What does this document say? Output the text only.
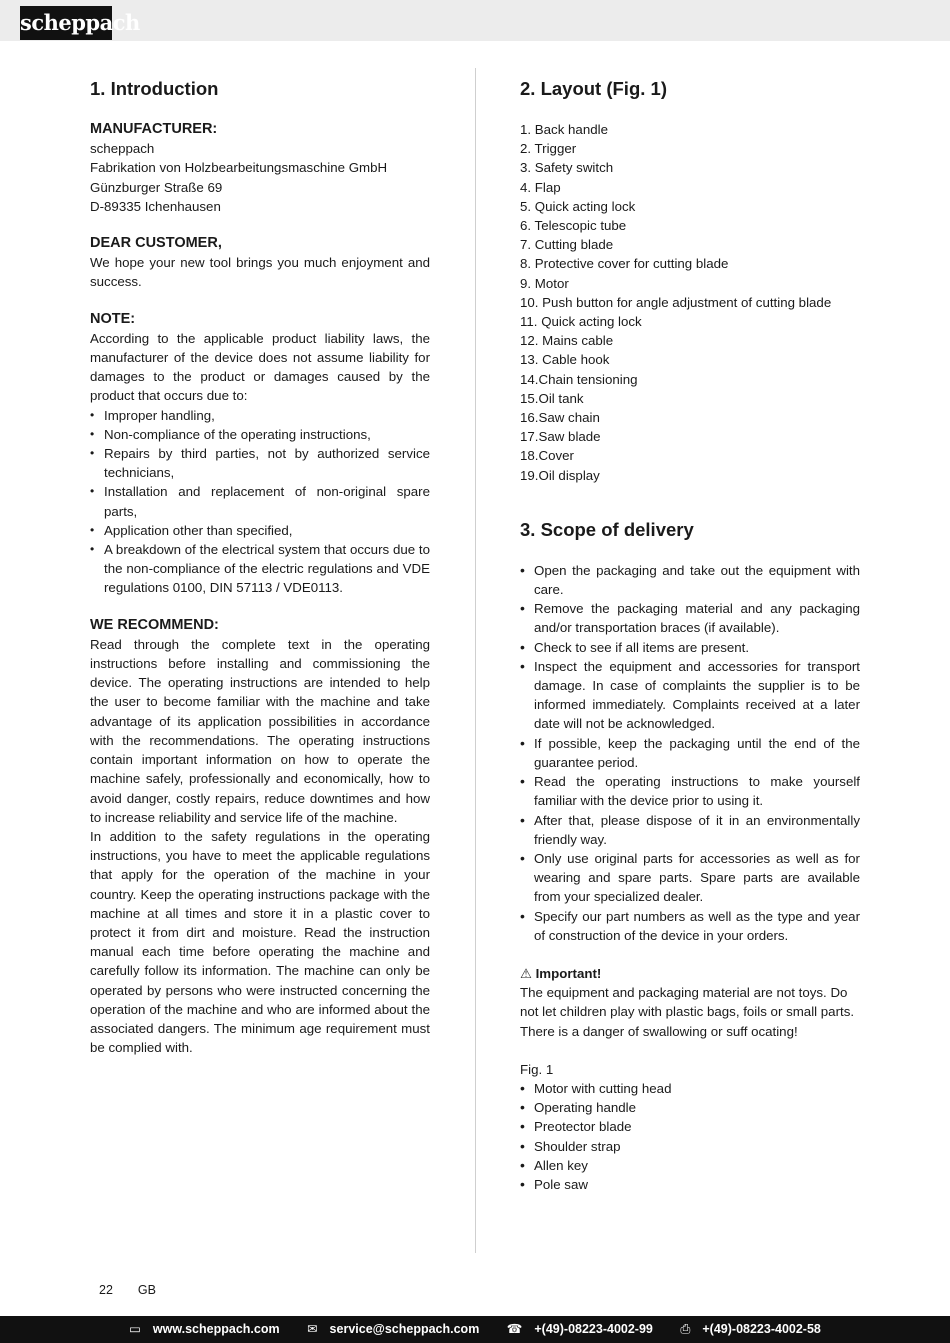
scheppach
1. Introduction
MANUFACTURER:

scheppach

Fabrikation von Holzbearbeitungsmaschine GmbH

Günzburger Straße 69

D-89335 Ichenhausen

DEAR CUSTOMER,

We hope your new tool brings you much enjoyment and success.

NOTE:

According to the applicable product liability laws, the manufacturer of the device does not assume liability for damages to the product or damages caused by the product that occurs due to:

• Improper handling,
• Non-compliance of the operating instructions,
• Repairs by third parties, not by authorized service technicians,
• Installation and replacement of non-original spare parts,
• Application other than specified,
• A breakdown of the electrical system that occurs due to the non-compliance of the electric regulations and VDE regulations 0100, DIN 57113 / VDE0113.
WE RECOMMEND:

Read through the complete text in the operating instructions before installing and commissioning the device. The operating instructions are intended to help the user to become familiar with the machine and take advantage of its application possibilities in accordance with the recommendations. The operating instructions contain important information on how to operate the machine safely, professionally and economically, how to avoid danger, costly repairs, reduce downtimes and how to increase reliability and service life of the machine.

In addition to the safety regulations in the operating instructions, you have to meet the applicable regulations that apply for the operation of the machine in your country. Keep the operating instructions package with the machine at all times and store it in a plastic cover to protect it from dirt and moisture. Read the instruction manual each time before operating the machine and carefully follow its information. The machine can only be operated by persons who were instructed concerning the operation of the machine and who are informed about the associated dangers. The minimum age requirement must be complied with.

2. Layout (Fig. 1)
1. Back handle
2. Trigger
3. Safety switch
4. Flap
5. Quick acting lock
6. Telescopic tube
7. Cutting blade
8. Protective cover for cutting blade
9. Motor
10. Push button for angle adjustment of cutting blade
11. Quick acting lock
12. Mains cable
13. Cable hook
14.Chain tensioning
15.Oil tank
16.Saw chain
17.Saw blade
18.Cover
19.Oil display
3. Scope of delivery
• Open the packaging and take out the equipment with care.
• Remove the packaging material and any packaging and/or transportation braces (if available).
• Check to see if all items are present.
• Inspect the equipment and accessories for transport damage. In case of complaints the supplier is to be informed immediately. Complaints received at a later date will not be acknowledged.
• If possible, keep the packaging until the end of the guarantee period.
• Read the operating instructions to make yourself familiar with the device prior to using it.
• After that, please dispose of it in an environmentally friendly way.
• Only use original parts for accessories as well as for wearing and spare parts. Spare parts are available from your specialized dealer.
• Specify our part numbers as well as the type and year of construction of the device in your orders.

⚠ Important!

The equipment and packaging material are not toys. Do not let children play with plastic bags, foils or small parts. There is a danger of swallowing or suff ocating!

Fig. 1

• Motor with cutting head
• Operating handle
• Preotector blade
• Shoulder strap
• Allen key
• Pole saw
22 GB
▭ www.scheppach.com ✉ service@scheppach.com ☎ +(49)-08223-4002-99 ⎙ +(49)-08223-4002-58
